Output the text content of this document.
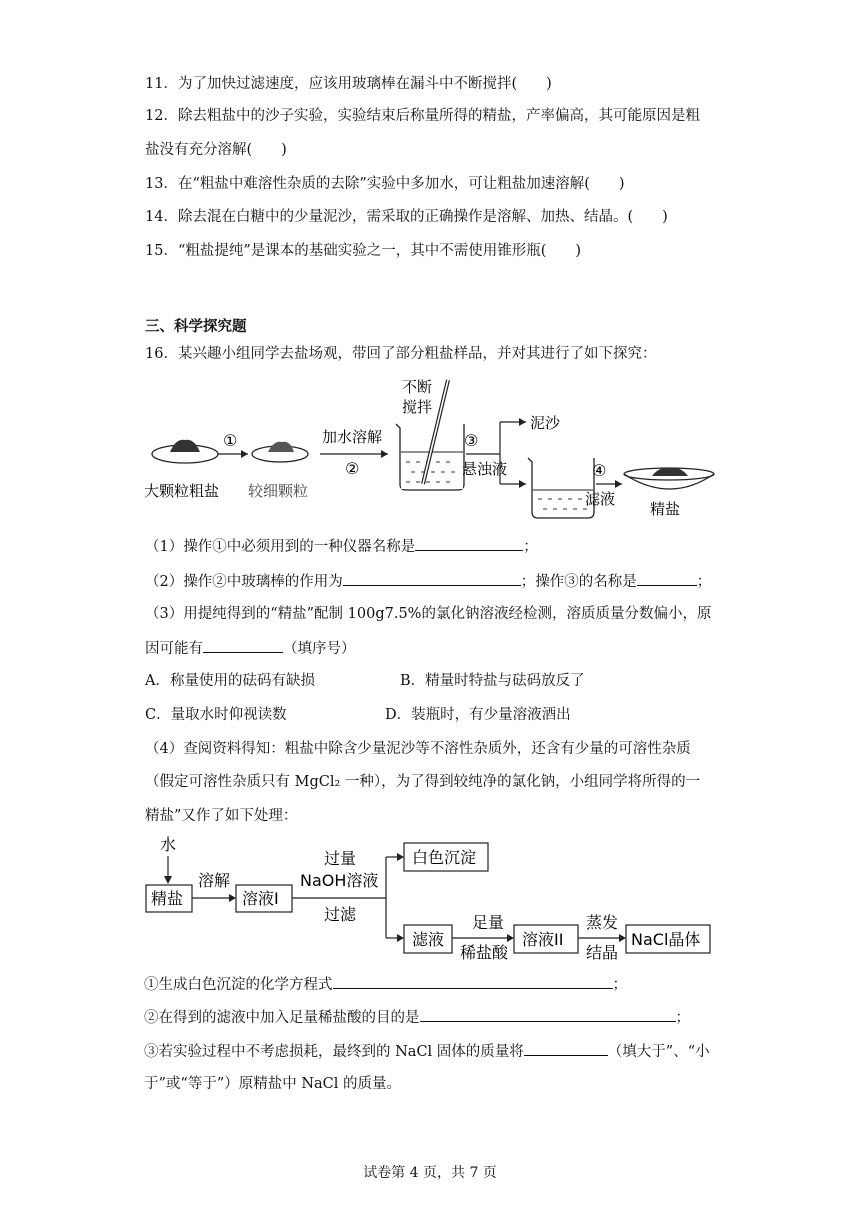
11．为了加快过滤速度，应该用玻璃棒在漏斗中不断搅拌(　　)
12．除去粗盐中的沙子实验，实验结束后称量所得的精盐，产率偏高，其可能原因是粗
盐没有充分溶解(　　)
13．在“粗盐中难溶性杂质的去除”实验中多加水，可让粗盐加速溶解(　　)
14．除去混在白糖中的少量泥沙，需采取的正确操作是溶解、加热、结晶。(　　)
15．“粗盐提纯”是课本的基础实验之一，其中不需使用锥形瓶(　　)
三、科学探究题
16．某兴趣小组同学去盐场观，带回了部分粗盐样品，并对其进行了如下探究：
①
大颗粒粗盐 较细颗粒
加水溶解
②
不断
搅拌
③
悬浊液
泥沙
④
滤液
精盐
（1）操作①中必须用到的一种仪器名称是	；
（2）操作②中玻璃棒的作用为	；操作③的名称是	；
（3）用提纯得到的“精盐”配制 100g7.5%的氯化钠溶液经检测，溶质质量分数偏小，原
因可能有	（填序号）
A．称量使用的砝码有缺损	B．精量时特盐与砝码放反了
C．量取水时仰视读数	D．装瓶时，有少量溶液酒出
（4）查阅资料得知：粗盐中除含少量泥沙等不溶性杂质外，还含有少量的可溶性杂质
（假定可溶性杂质只有 MgCl₂ 一种），为了得到较纯净的氯化钠，小组同学将所得的一
精盐”又作了如下处理：
水
精盐
溶解
溶液I
过量
NaOH溶液
过滤
白色沉淀
滤液
足量
稀盐酸
溶液II
蒸发
结晶
NaCl晶体
①生成白色沉淀的化学方程式	；
②在得到的滤液中加入足量稀盐酸的目的是	；
③若实验过程中不考虑损耗，最终到的 NaCl 固体的质量将	（填大于”、“小
于”或“等于”）原精盐中 NaCl 的质量。
试卷第 4 页，共 7 页
